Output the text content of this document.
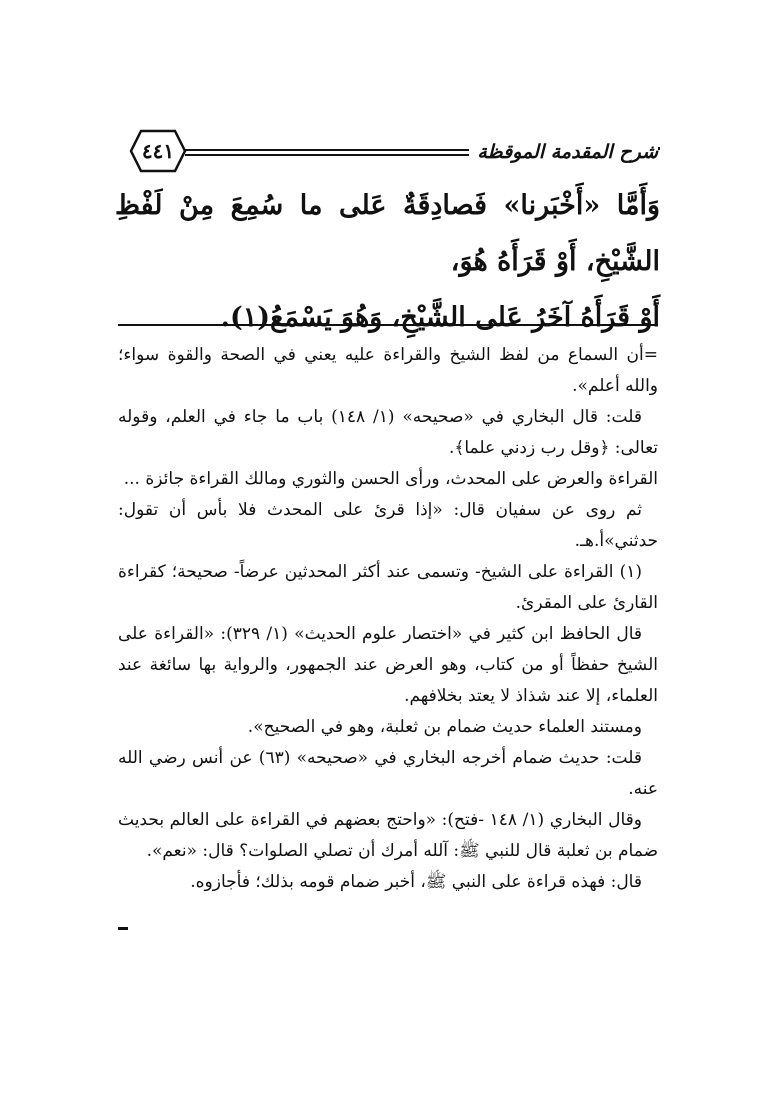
شرح المقدمة الموقظة
٤٤١

وَأَمَّا «أَخْبَرنا» فَصادِقَةٌ عَلى ما سُمِعَ مِنْ لَفْظِ الشَّيْخِ، أَوْ قَرَأَهُ هُوَ،

أَوْ قَرَأَهُ آخَرُ عَلى الشَّيْخِ، وَهُوَ يَسْمَعُ(١).

=أن السماع من لفظ الشيخ والقراءة عليه يعني في الصحة والقوة سواء؛ والله أعلم».

قلت: قال البخاري في «صحيحه» (١/ ١٤٨) باب ما جاء في العلم، وقوله تعالى: ﴿وقل رب زدني علما﴾.

القراءة والعرض على المحدث، ورأى الحسن والثوري ومالك القراءة جائزة ...

ثم روى عن سفيان قال: «إذا قرئ على المحدث فلا بأس أن تقول: حدثني»أ.هـ.

(١) القراءة على الشيخ- وتسمى عند أكثر المحدثين عرضاً- صحيحة؛ كقراءة القارئ على المقرئ.

قال الحافظ ابن كثير في «اختصار علوم الحديث» (١/ ٣٢٩): «القراءة على الشيخ حفظاً أو من كتاب، وهو العرض عند الجمهور، والرواية بها سائغة عند العلماء، إلا عند شذاذ لا يعتد بخلافهم.

ومستند العلماء حديث ضمام بن ثعلبة، وهو في الصحيح».

قلت: حديث ضمام أخرجه البخاري في «صحيحه» (٦٣) عن أنس رضي الله عنه.

وقال البخاري (١/ ١٤٨ -فتح): «واحتج بعضهم في القراءة على العالم بحديث ضمام بن ثعلبة قال للنبي ﷺ: آلله أمرك أن تصلي الصلوات؟ قال: «نعم».

قال: فهذه قراءة على النبي ﷺ، أخبر ضمام قومه بذلك؛ فأجازوه.
